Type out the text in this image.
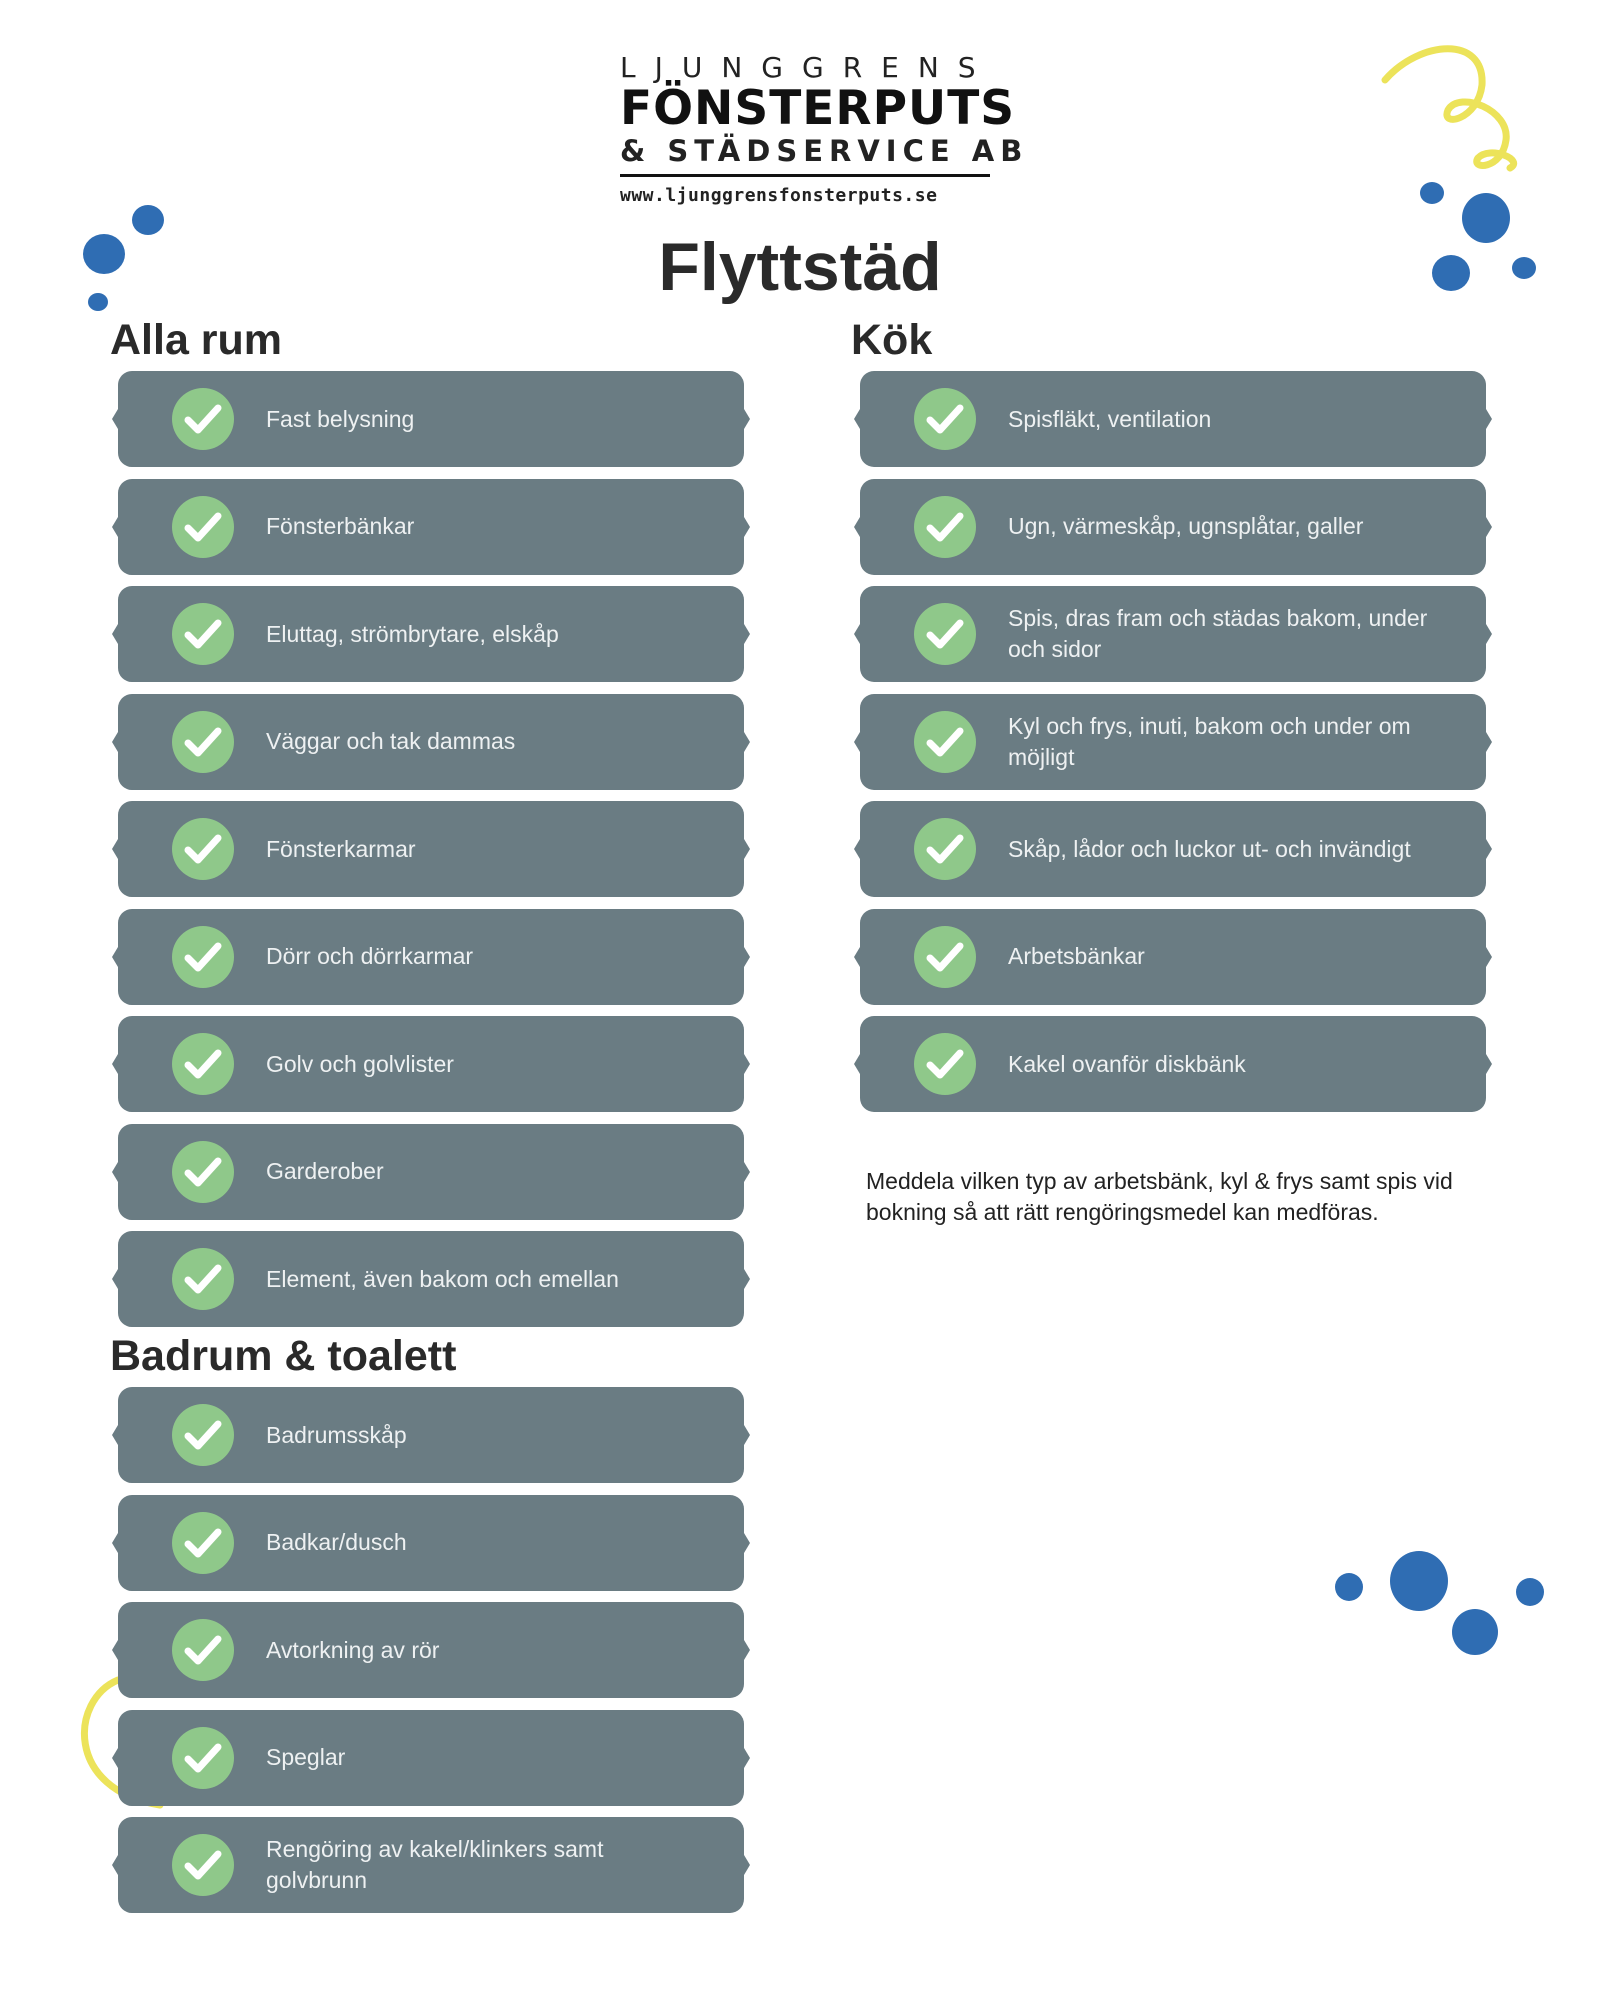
LJUNGGRENS
FÖNSTERPUTS
& STÄDSERVICE AB
www.ljunggrensfonsterputs.se
Flyttstäd
Alla rum	Kök
Badrum & toalett
Fast belysning
Fönsterbänkar
Eluttag, strömbrytare, elskåp
Väggar och tak dammas
Fönsterkarmar
Dörr och dörrkarmar
Golv och golvlister
Garderober
Element, även bakom och emellan
Spisfläkt, ventilation
Ugn, värmeskåp, ugnsplåtar, galler
Spis, dras fram och städas bakom, under och sidor
Kyl och frys, inuti, bakom och under om möjligt
Skåp, lådor och luckor ut- och invändigt
Arbetsbänkar
Kakel ovanför diskbänk
Badrumsskåp
Badkar/dusch
Avtorkning av rör
Speglar
Rengöring av kakel/klinkers samt golvbrunn
Meddela vilken typ av arbetsbänk, kyl & frys samt spis vid bokning så att rätt rengöringsmedel kan medföras.
